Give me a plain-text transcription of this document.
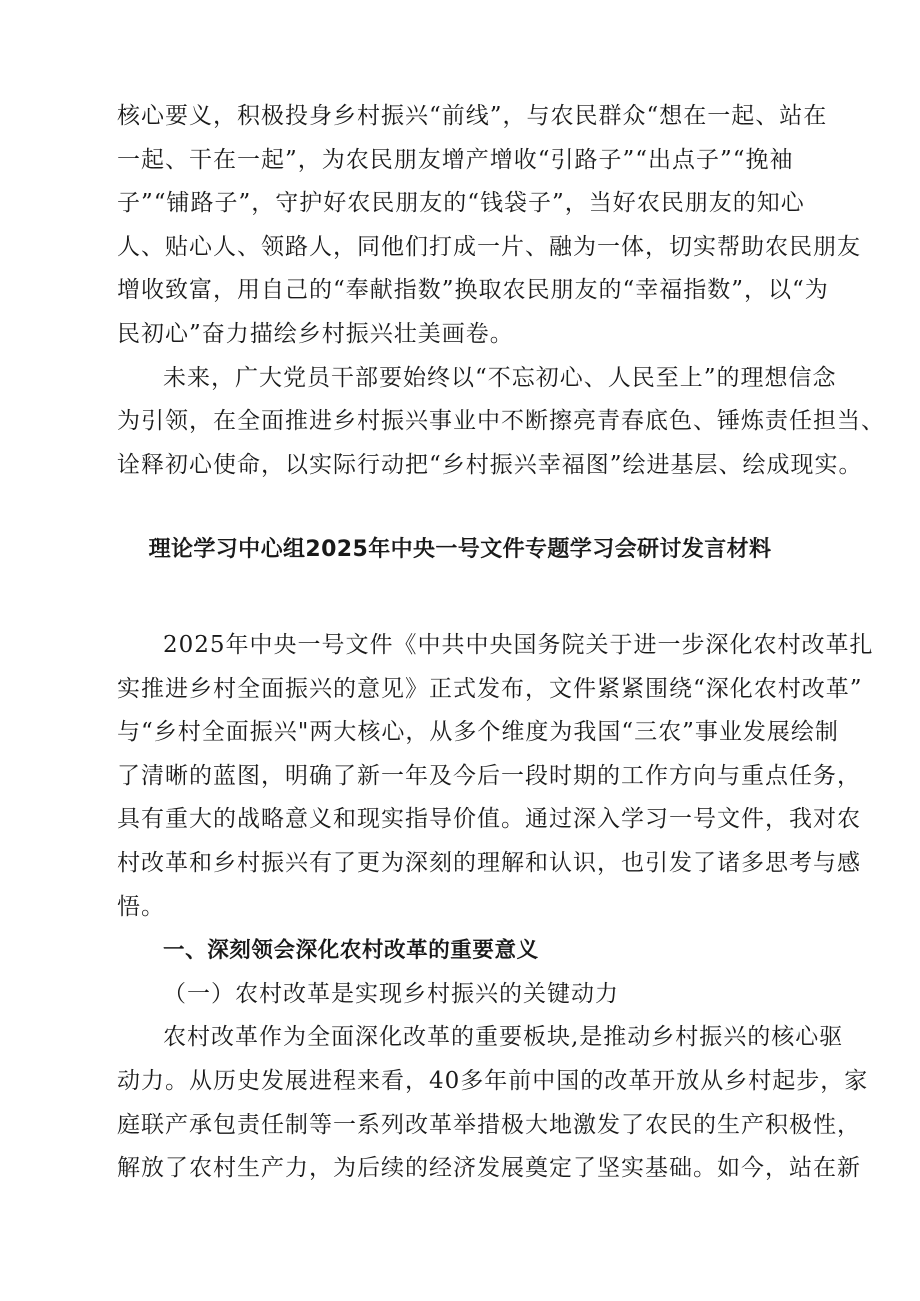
核心要义，积极投身乡村振兴“前线”，与农民群众“想在一起、站在
一起、干在一起”，为农民朋友增产增收“引路子”“出点子”“挽袖
子”“铺路子”，守护好农民朋友的“钱袋子”，当好农民朋友的知心
人、贴心人、领路人，同他们打成一片、融为一体，切实帮助农民朋友
增收致富，用自己的“奉献指数”换取农民朋友的“幸福指数”，以“为
民初心”奋力描绘乡村振兴壮美画卷。
未来，广大党员干部要始终以“不忘初心、人民至上”的理想信念
为引领，在全面推进乡村振兴事业中不断擦亮青春底色、锤炼责任担当、
诠释初心使命，以实际行动把“乡村振兴幸福图”绘进基层、绘成现实。
理论学习中心组2025年中央一号文件专题学习会研讨发言材料
2025年中央一号文件《中共中央国务院关于进一步深化农村改革扎
实推进乡村全面振兴的意见》正式发布，文件紧紧围绕“深化农村改革”
与“乡村全面振兴"两大核心，从多个维度为我国“三农”事业发展绘制
了清晰的蓝图，明确了新一年及今后一段时期的工作方向与重点任务，
具有重大的战略意义和现实指导价值。通过深入学习一号文件，我对农
村改革和乡村振兴有了更为深刻的理解和认识，也引发了诸多思考与感
悟。
一、深刻领会深化农村改革的重要意义
（一）农村改革是实现乡村振兴的关键动力
农村改革作为全面深化改革的重要板块,是推动乡村振兴的核心驱
动力。从历史发展进程来看，40多年前中国的改革开放从乡村起步，家
庭联产承包责任制等一系列改革举措极大地激发了农民的生产积极性，
解放了农村生产力，为后续的经济发展奠定了坚实基础。如今，站在新
